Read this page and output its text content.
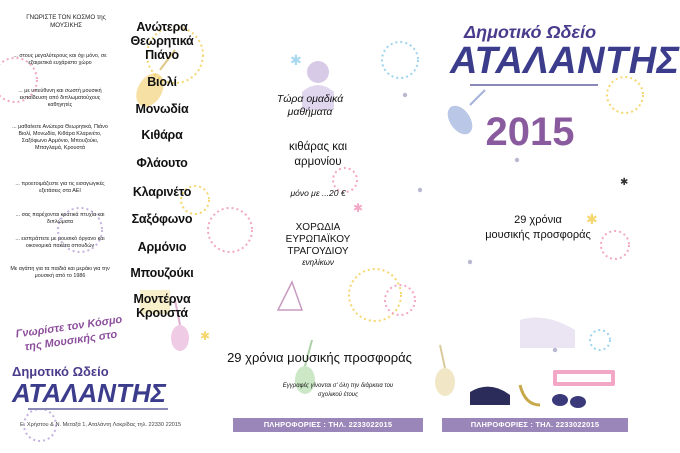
✱
✱
✱
✱
✱
ΓΝΩΡΙΣΤΕ ΤΟΝ ΚΟΣΜΟ της ΜΟΥΣΙΚΗΣ
... στους μεγαλύτερους και όχι μόνο, σε εξαιρετικά ευχάριστο χώρο
... με υπεύθυνη και σωστή μουσική εκπαίδευση από διπλωματούχους καθηγητές
... μαθαίνετε Ανώτερα Θεωρητικά, Πιάνο Βιολί, Μονωδία, Κιθάρα Κλαρινέτο, Σαξόφωνο Αρμόνιο, Μπουζούκι, Μπαγλαμά, Κρουστά
... προετοιμάζεστε για τις εισαγωγικές εξετάσεις στα ΑΕΙ
... σας παρέχονται κρατικά πτυχία και διπλώματα
... εισπράττετε με μουσικό όργανο και οικονομικά πακέτα σπουδών
Με αγάπη για τα παιδιά και μεράκι για την μουσική από το 1986
Ανώτερα Θεωρητικά
Πιάνο
Βιολί
Μονωδία
Κιθάρα
Φλάουτο
Κλαρινέτο
Σαξόφωνο
Αρμόνιο
Μπουζούκι
Μοντέρνα Κρουστά
Γνωρίστε τον Κόσμο της Μουσικής στο
Δημοτικό Ωδείο
ΑΤΑΛΑΝΤΗΣ
Ε. Χρήστου & Ν. Μεταξά 1, Αταλάντη Λοκρίδας τηλ. 22330 22015
Τώρα ομαδικά μαθήματα
κιθάρας και αρμονίου
μόνο με ...20 €
ΧΟΡΩΔΙΑ
ΕΥΡΩΠΑΪΚΟΥ
ΤΡΑΓΟΥΔΙΟΥ
ενηλίκων
29 χρόνια μουσικής προσφοράς
Εγγραφές γίνονται σ' όλη την διάρκεια του σχολικού έτους
ΠΛΗΡΟΦΟΡΙΕΣ : ΤΗΛ. 2233022015
Δημοτικό Ωδείο
ΑΤΑΛΑΝΤΗΣ
2015
29 χρόνια
μουσικής προσφοράς
ΠΛΗΡΟΦΟΡΙΕΣ : ΤΗΛ. 2233022015
